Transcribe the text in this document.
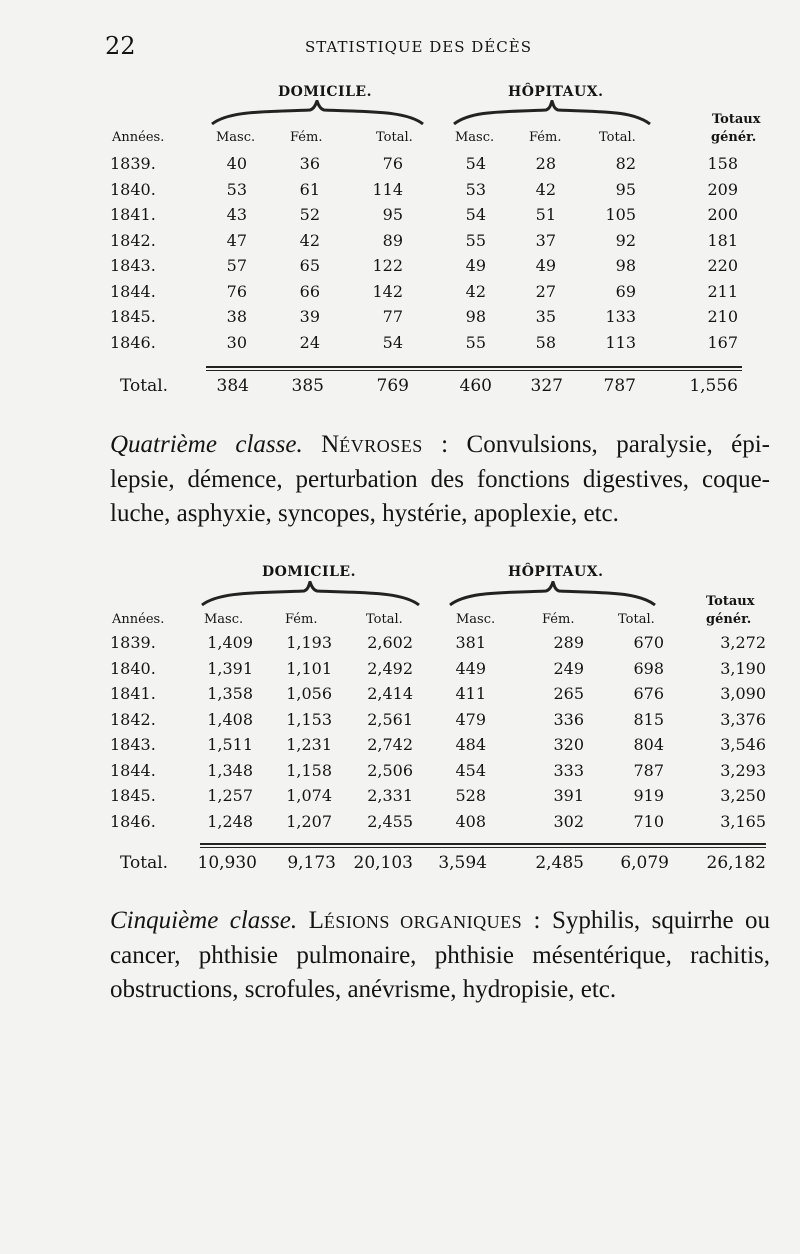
22	STATISTIQUE DES DÉCÈS
DOMICILE.	HÔPITAUX.
Années.	Masc.	Fém.	Total.	Masc.	Fém.	Total.
Totaux
génér.
1839.	40	36	76	54	28	82	158
1840.	53	61	114	53	42	95	209
1841.	43	52	95	54	51	105	200
1842.	47	42	89	55	37	92	181
1843.	57	65	122	49	49	98	220
1844.	76	66	142	42	27	69	211
1845.	38	39	77	98	35	133	210
1846.	30	24	54	55	58	113	167
Total.	384	385	769	460 327 787	1,556
Quatrième classe. NÉVROSES : Convulsions, paralysie, épi-
lepsie, démence, perturbation des fonctions digestives, coque-
luche, asphyxie, syncopes, hystérie, apoplexie, etc.
DOMICILE.	HÔPITAUX.
Années.	Masc.	Fém.	Total.	Masc.	Fém.	Total.
Totaux
génér.
1839.	1,409 1,193 2,602	381	289	670	3,272
1840.	1,391 1,101 2,492	449	249	698	3,190
1841.	1,358 1,056 2,414	411	265	676	3,090
1842.	1,408 1,153 2,561	479	336	815	3,376
1843.	1,511 1,231 2,742	484	320	804	3,546
1844.	1,348 1,158 2,506	454	333	787	3,293
1845.	1,257 1,074 2,331	528	391	919	3,250
1846.	1,248 1,207 2,455	408	302	710	3,165
Total. 10,930 9,173 20,103 3,594	2,485 6,079 26,182
Cinquième classe. LÉSIONS ORGANIQUES : Syphilis, squirrhe ou
cancer, phthisie pulmonaire, phthisie mésentérique, rachitis,
obstructions, scrofules, anévrisme, hydropisie, etc.
